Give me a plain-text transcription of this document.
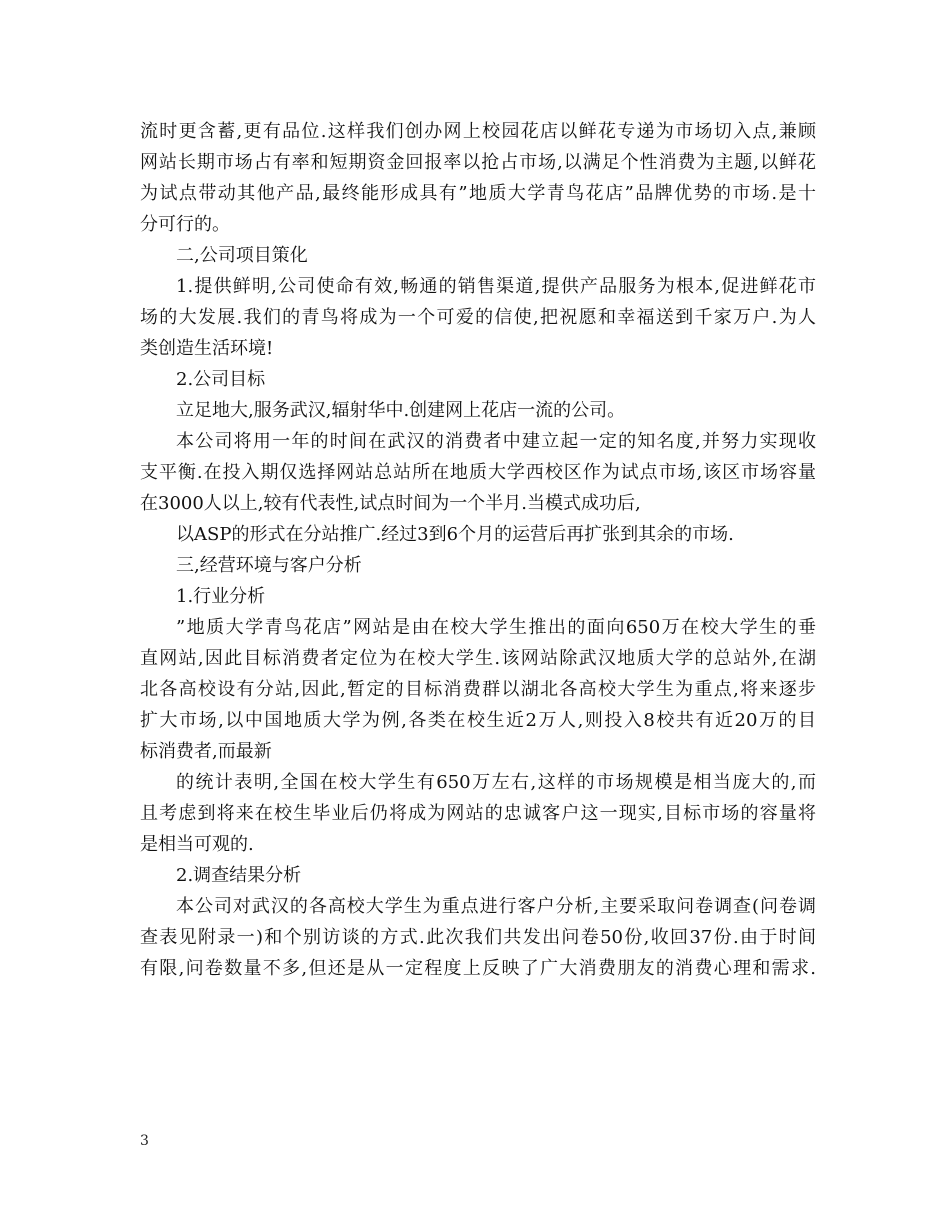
流时更含蓄,更有品位.这样我们创办网上校园花店以鲜花专递为市场切入点,兼顾
网站长期市场占有率和短期资金回报率以抢占市场,以满足个性消费为主题,以鲜花
为试点带动其他产品,最终能形成具有”地质大学青鸟花店”品牌优势的市场.是十
分可行的。
二,公司项目策化
1.提供鲜明,公司使命有效,畅通的销售渠道,提供产品服务为根本,促进鲜花市
场的大发展.我们的青鸟将成为一个可爱的信使,把祝愿和幸福送到千家万户.为人
类创造生活环境!
2.公司目标
立足地大,服务武汉,辐射华中.创建网上花店一流的公司。
本公司将用一年的时间在武汉的消费者中建立起一定的知名度,并努力实现收
支平衡.在投入期仅选择网站总站所在地质大学西校区作为试点市场,该区市场容量
在3000人以上,较有代表性,试点时间为一个半月.当模式成功后,
以ASP的形式在分站推广.经过3到6个月的运营后再扩张到其余的市场.
三,经营环境与客户分析
1.行业分析
”地质大学青鸟花店”网站是由在校大学生推出的面向650万在校大学生的垂
直网站,因此目标消费者定位为在校大学生.该网站除武汉地质大学的总站外,在湖
北各高校设有分站,因此,暂定的目标消费群以湖北各高校大学生为重点,将来逐步
扩大市场,以中国地质大学为例,各类在校生近2万人,则投入8校共有近20万的目
标消费者,而最新
的统计表明,全国在校大学生有650万左右,这样的市场规模是相当庞大的,而
且考虑到将来在校生毕业后仍将成为网站的忠诚客户这一现实,目标市场的容量将
是相当可观的.
2.调查结果分析
本公司对武汉的各高校大学生为重点进行客户分析,主要采取问卷调查(问卷调
查表见附录一)和个别访谈的方式.此次我们共发出问卷50份,收回37份.由于时间
有限,问卷数量不多,但还是从一定程度上反映了广大消费朋友的消费心理和需求.
3
